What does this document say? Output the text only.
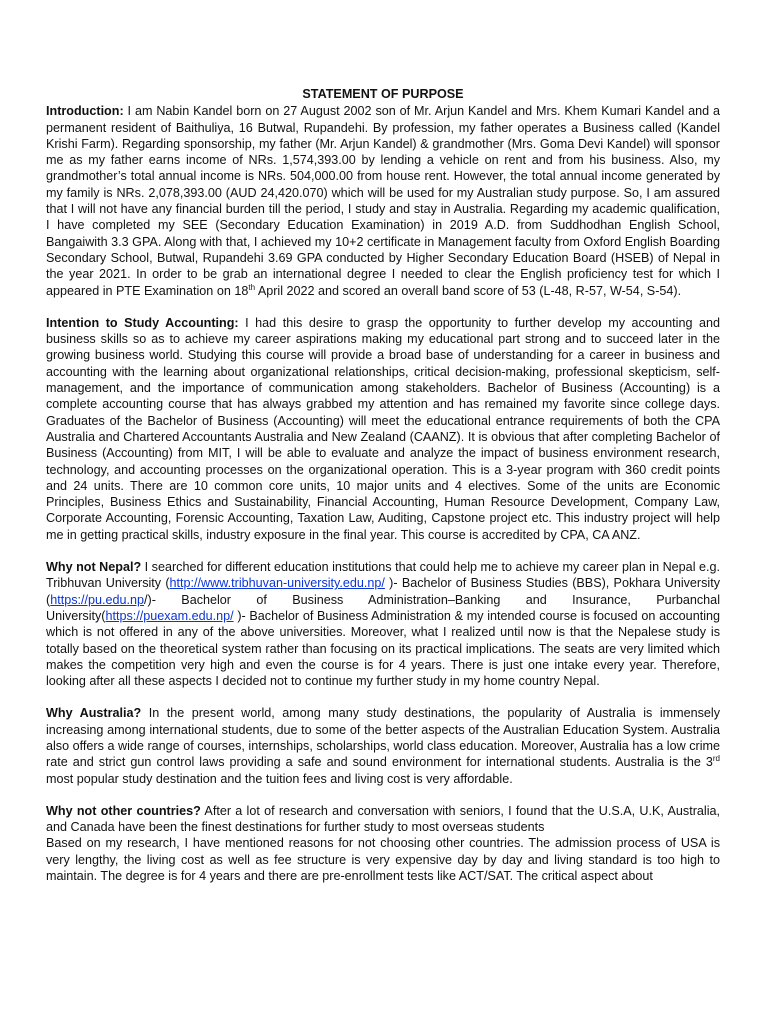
STATEMENT OF PURPOSE

Introduction: I am Nabin Kandel born on 27 August 2002 son of Mr. Arjun Kandel and Mrs. Khem Kumari Kandel and a permanent resident of Baithuliya, 16 Butwal, Rupandehi. By profession, my father operates a Business called (Kandel Krishi Farm). Regarding sponsorship, my father (Mr. Arjun Kandel) & grandmother (Mrs. Goma Devi Kandel) will sponsor me as my father earns income of NRs. 1,574,393.00 by lending a vehicle on rent and from his business. Also, my grandmother’s total annual income is NRs. 504,000.00 from house rent. However, the total annual income generated by my family is NRs. 2,078,393.00 (AUD 24,420.070) which will be used for my Australian study purpose. So, I am assured that I will not have any financial burden till the period, I study and stay in Australia. Regarding my academic qualification, I have completed my SEE (Secondary Education Examination) in 2019 A.D. from Suddhodhan English School, Bangaiwith 3.3 GPA. Along with that, I achieved my 10+2 certificate in Management faculty from Oxford English Boarding Secondary School, Butwal, Rupandehi 3.69 GPA conducted by Higher Secondary Education Board (HSEB) of Nepal in the year 2021. In order to be grab an international degree I needed to clear the English proficiency test for which I appeared in PTE Examination on 18th April 2022 and scored an overall band score of 53 (L-48, R-57, W-54, S-54).

Intention to Study Accounting: I had this desire to grasp the opportunity to further develop my accounting and business skills so as to achieve my career aspirations making my educational part strong and to succeed later in the growing business world. Studying this course will provide a broad base of understanding for a career in business and accounting with the learning about organizational relationships, critical decision-making, professional skepticism, self-management, and the importance of communication among stakeholders. Bachelor of Business (Accounting) is a complete accounting course that has always grabbed my attention and has remained my favorite since college days. Graduates of the Bachelor of Business (Accounting) will meet the educational entrance requirements of both the CPA Australia and Chartered Accountants Australia and New Zealand (CAANZ). It is obvious that after completing Bachelor of Business (Accounting) from MIT, I will be able to evaluate and analyze the impact of business environment research, technology, and accounting processes on the organizational operation. This is a 3-year program with 360 credit points and 24 units. There are 10 common core units, 10 major units and 4 electives. Some of the units are Economic Principles, Business Ethics and Sustainability, Financial Accounting, Human Resource Development, Company Law, Corporate Accounting, Forensic Accounting, Taxation Law, Auditing, Capstone project etc. This industry project will help me in getting practical skills, industry exposure in the final year. This course is accredited by CPA, CA ANZ.

Why not Nepal? I searched for different education institutions that could help me to achieve my career plan in Nepal e.g. Tribhuvan University (http://www.tribhuvan-university.edu.np/ )- Bachelor of Business Studies (BBS), Pokhara University (https://pu.edu.np/)- Bachelor of Business Administration–Banking and Insurance, Purbanchal University(https://puexam.edu.np/ )- Bachelor of Business Administration & my intended course is focused on accounting which is not offered in any of the above universities. Moreover, what I realized until now is that the Nepalese study is totally based on the theoretical system rather than focusing on its practical implications. The seats are very limited which makes the competition very high and even the course is for 4 years. There is just one intake every year. Therefore, looking after all these aspects I decided not to continue my further study in my home country Nepal.

Why Australia? In the present world, among many study destinations, the popularity of Australia is immensely increasing among international students, due to some of the better aspects of the Australian Education System. Australia also offers a wide range of courses, internships, scholarships, world class education. Moreover, Australia has a low crime rate and strict gun control laws providing a safe and sound environment for international students. Australia is the 3rd most popular study destination and the tuition fees and living cost is very affordable.

Why not other countries? After a lot of research and conversation with seniors, I found that the U.S.A, U.K, Australia, and Canada have been the finest destinations for further study to most overseas students

Based on my research, I have mentioned reasons for not choosing other countries. The admission process of USA is very lengthy, the living cost as well as fee structure is very expensive day by day and living standard is too high to maintain. The degree is for 4 years and there are pre-enrollment tests like ACT/SAT. The critical aspect about
